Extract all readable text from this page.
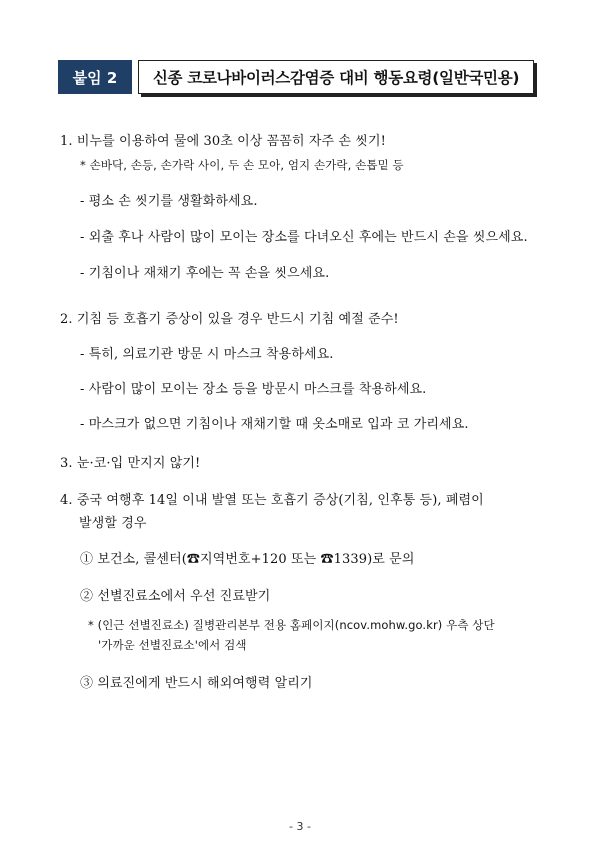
붙임 2	신종 코로나바이러스감염증 대비 행동요령(일반국민용)
1. 비누를 이용하여 물에 30초 이상 꼼꼼히 자주 손 씻기!
* 손바닥, 손등, 손가락 사이, 두 손 모아, 엄지 손가락, 손톱밑 등
- 평소 손 씻기를 생활화하세요.
- 외출 후나 사람이 많이 모이는 장소를 다녀오신 후에는 반드시 손을 씻으세요.
- 기침이나 재채기 후에는 꼭 손을 씻으세요.
2. 기침 등 호흡기 증상이 있을 경우 반드시 기침 예절 준수!
- 특히, 의료기관 방문 시 마스크 착용하세요.
- 사람이 많이 모이는 장소 등을 방문시 마스크를 착용하세요.
- 마스크가 없으면 기침이나 재채기할 때 옷소매로 입과 코 가리세요.
3. 눈·코·입 만지지 않기!
4. 중국 여행후 14일 이내 발열 또는 호흡기 증상(기침, 인후통 등), 폐렴이
발생할 경우
① 보건소, 콜센터(☎지역번호+120 또는 ☎1339)로 문의
② 선별진료소에서 우선 진료받기
* (인근 선별진료소) 질병관리본부 전용 홈페이지(ncov.mohw.go.kr) 우측 상단
'가까운 선별진료소'에서 검색
③ 의료진에게 반드시 해외여행력 알리기
- 3 -
